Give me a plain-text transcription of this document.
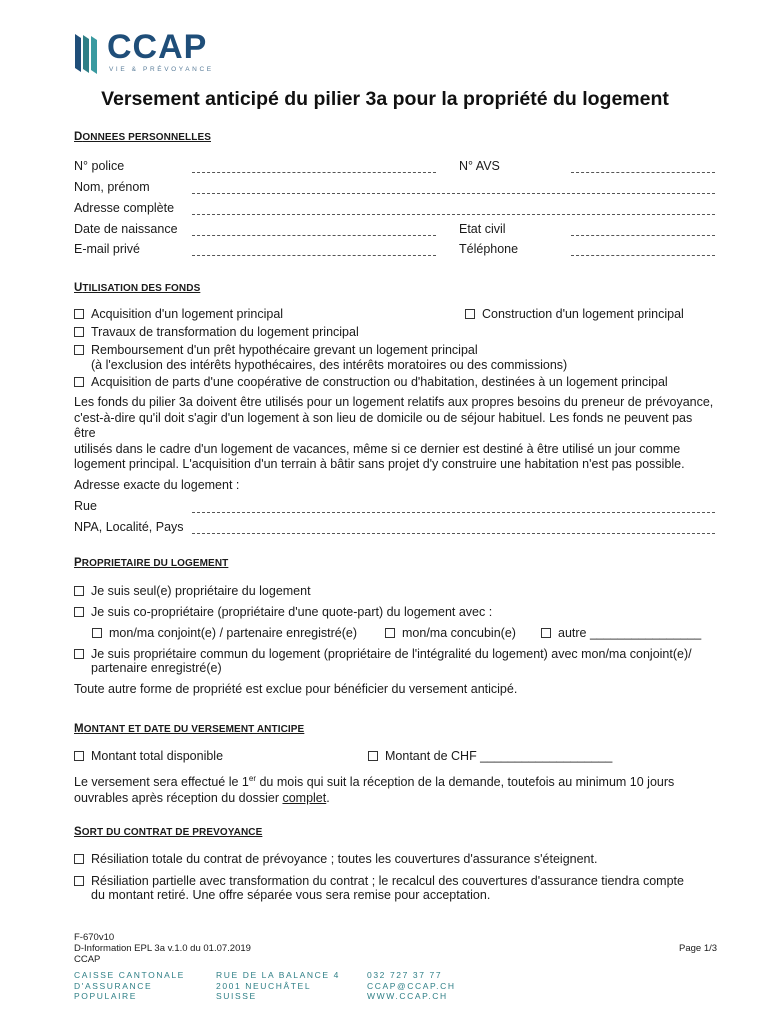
CCAP
VIE & PRÉVOYANCE
Versement anticipé du pilier 3a pour la propriété du logement
DONNEES PERSONNELLES
N° police	N° AVS
Nom, prénom
Adresse complète
Date de naissance	Etat civil
E-mail privé	Téléphone
UTILISATION DES FONDS
Acquisition d'un logement principal	Construction d'un logement principal
Travaux de transformation du logement principal
Remboursement d'un prêt hypothécaire grevant un logement principal
(à l'exclusion des intérêts hypothécaires, des intérêts moratoires ou des commissions)
Acquisition de parts d'une coopérative de construction ou d'habitation, destinées à un logement principal
Les fonds du pilier 3a doivent être utilisés pour un logement relatifs aux propres besoins du preneur de prévoyance,
c'est-à-dire qu'il doit s'agir d'un logement à son lieu de domicile ou de séjour habituel. Les fonds ne peuvent pas être
utilisés dans le cadre d'un logement de vacances, même si ce dernier est destiné à être utilisé un jour comme
logement principal. L'acquisition d'un terrain à bâtir sans projet d'y construire une habitation n'est pas possible.
Adresse exacte du logement :
Rue
NPA, Localité, Pays
PROPRIETAIRE DU LOGEMENT
Je suis seul(e) propriétaire du logement
Je suis co-propriétaire (propriétaire d'une quote-part) du logement avec :
mon/ma conjoint(e) / partenaire enregistré(e)	mon/ma concubin(e)	autre ________________
Je suis propriétaire commun du logement (propriétaire de l'intégralité du logement) avec mon/ma conjoint(e)/
partenaire enregistré(e)
Toute autre forme de propriété est exclue pour bénéficier du versement anticipé.
MONTANT ET DATE DU VERSEMENT ANTICIPE
Montant total disponible	Montant de CHF ___________________
Le versement sera effectué le 1er du mois qui suit la réception de la demande, toutefois au minimum 10 jours
ouvrables après réception du dossier complet.
SORT DU CONTRAT DE PREVOYANCE
Résiliation totale du contrat de prévoyance ; toutes les couvertures d'assurance s'éteignent.
Résiliation partielle avec transformation du contrat ; le recalcul des couvertures d'assurance tiendra compte
du montant retiré. Une offre séparée vous sera remise pour acceptation.
F-670v10
D-Information EPL 3a v.1.0 du 01.07.2019
CCAP
Page 1/3
CAISSE CANTONALE
D'ASSURANCE
POPULAIRE
RUE DE LA BALANCE 4
2001 NEUCHÂTEL
SUISSE
032 727 37 77
CCAP@CCAP.CH
WWW.CCAP.CH
